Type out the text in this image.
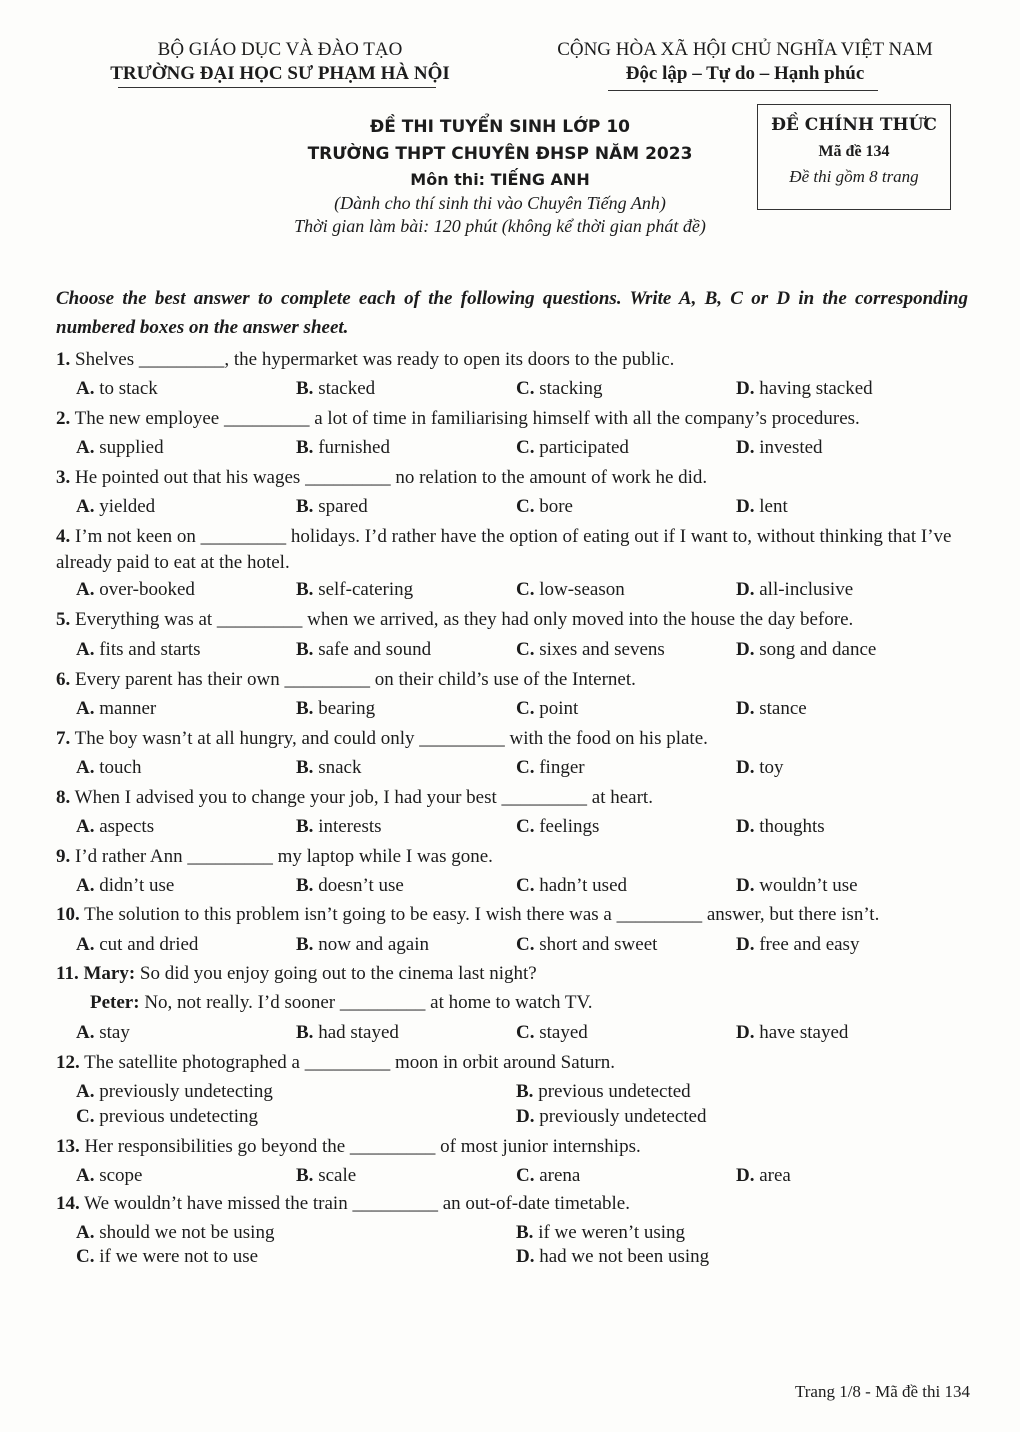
BỘ GIÁO DỤC VÀ ĐÀO TẠO
TRƯỜNG ĐẠI HỌC SƯ PHẠM HÀ NỘI
CỘNG HÒA XÃ HỘI CHỦ NGHĨA VIỆT NAM
Độc lập – Tự do – Hạnh phúc
ĐỀ THI TUYỂN SINH LỚP 10
TRƯỜNG THPT CHUYÊN ĐHSP NĂM 2023
Môn thi: TIẾNG ANH
(Dành cho thí sinh thi vào Chuyên Tiếng Anh)
Thời gian làm bài: 120 phút (không kể thời gian phát đề)
ĐỀ CHÍNH THỨC
Mã đề 134
Đề thi gồm 8 trang
Choose the best answer to complete each of the following questions. Write A, B, C or D in the corresponding numbered boxes on the answer sheet.
1. Shelves _________, the hypermarket was ready to open its doors to the public.
A. to stack	B. stacked	C. stacking	D. having stacked
2. The new employee _________ a lot of time in familiarising himself with all the company’s procedures.
A. supplied	B. furnished	C. participated	D. invested
3. He pointed out that his wages _________ no relation to the amount of work he did.
A. yielded	B. spared	C. bore	D. lent
4. I’m not keen on _________ holidays. I’d rather have the option of eating out if I want to, without thinking that I’ve already paid to eat at the hotel.
A. over-booked	B. self-catering	C. low-season	D. all-inclusive
5. Everything was at _________ when we arrived, as they had only moved into the house the day before.
A. fits and starts	B. safe and sound	C. sixes and sevens	D. song and dance
6. Every parent has their own _________ on their child’s use of the Internet.
A. manner	B. bearing	C. point	D. stance
7. The boy wasn’t at all hungry, and could only _________ with the food on his plate.
A. touch	B. snack	C. finger	D. toy
8. When I advised you to change your job, I had your best _________ at heart.
A. aspects	B. interests	C. feelings	D. thoughts
9. I’d rather Ann _________ my laptop while I was gone.
A. didn’t use	B. doesn’t use	C. hadn’t used	D. wouldn’t use
10. The solution to this problem isn’t going to be easy. I wish there was a _________ answer, but there isn’t.
A. cut and dried	B. now and again	C. short and sweet	D. free and easy
Peter: No, not really. I’d sooner _________ at home to watch TV.
11. Mary: So did you enjoy going out to the cinema last night?
A. stay	B. had stayed	C. stayed	D. have stayed
12. The satellite photographed a _________ moon in orbit around Saturn.
A. previously undetecting	B. previous undetected
C. previous undetecting	D. previously undetected
13. Her responsibilities go beyond the _________ of most junior internships.
A. scope	B. scale	C. arena	D. area
14. We wouldn’t have missed the train _________ an out-of-date timetable.
A. should we not be using	B. if we weren’t using
C. if we were not to use	D. had we not been using
Trang 1/8 - Mã đề thi 134
